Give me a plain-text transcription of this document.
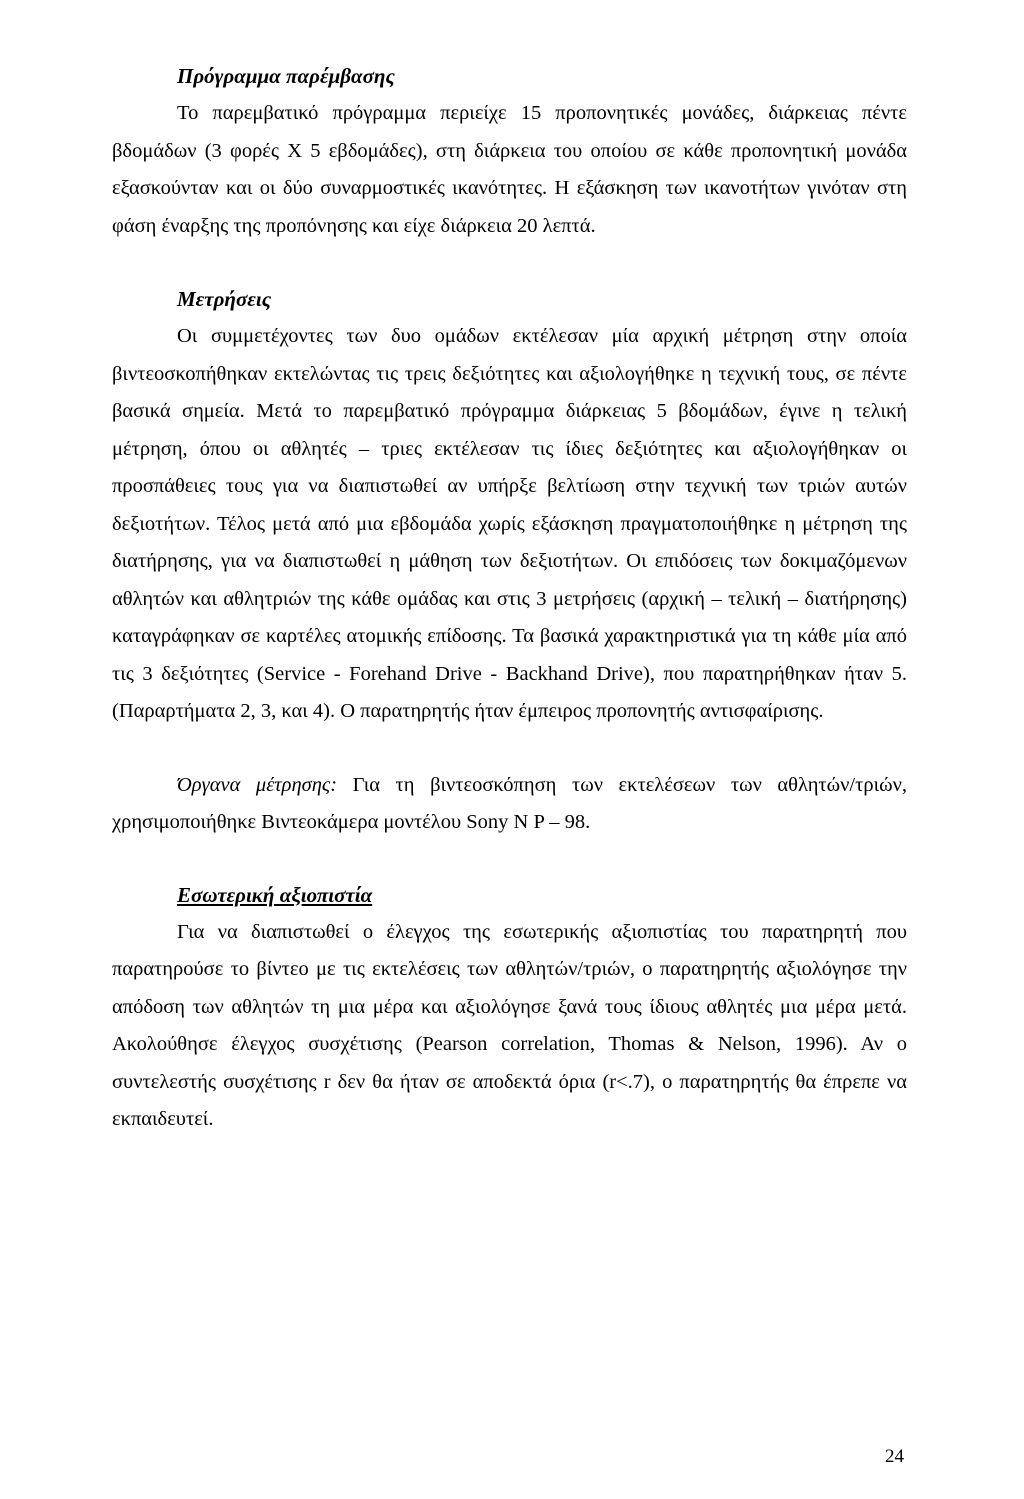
Πρόγραμμα παρέμβασης

Το παρεμβατικό πρόγραμμα περιείχε 15 προπονητικές μονάδες, διάρκειας πέντε βδομάδων (3 φορές Χ 5 εβδομάδες), στη διάρκεια του οποίου σε κάθε προπονητική μονάδα εξασκούνταν και οι δύο συναρμοστικές ικανότητες. Η εξάσκηση των ικανοτήτων γινόταν στη φάση έναρξης της προπόνησης και είχε διάρκεια 20 λεπτά.

Μετρήσεις

Οι συμμετέχοντες των δυο ομάδων εκτέλεσαν μία αρχική μέτρηση στην οποία βιντεοσκοπήθηκαν εκτελώντας τις τρεις δεξιότητες και αξιολογήθηκε η τεχνική τους, σε πέντε βασικά σημεία. Μετά το παρεμβατικό πρόγραμμα διάρκειας 5 βδομάδων, έγινε η τελική μέτρηση, όπου οι αθλητές – τριες εκτέλεσαν τις ίδιες δεξιότητες και αξιολογήθηκαν οι προσπάθειες τους για να διαπιστωθεί αν υπήρξε βελτίωση στην τεχνική των τριών αυτών δεξιοτήτων. Τέλος μετά από μια εβδομάδα χωρίς εξάσκηση πραγματοποιήθηκε η μέτρηση της διατήρησης, για να διαπιστωθεί η μάθηση των δεξιοτήτων. Οι επιδόσεις των δοκιμαζόμενων αθλητών και αθλητριών της κάθε ομάδας και στις 3 μετρήσεις (αρχική – τελική – διατήρησης) καταγράφηκαν σε καρτέλες ατομικής επίδοσης. Τα βασικά χαρακτηριστικά για τη κάθε μία από τις 3 δεξιότητες (Service - Forehand Drive - Backhand Drive), που παρατηρήθηκαν ήταν 5. (Παραρτήματα 2, 3, και 4). Ο παρατηρητής ήταν έμπειρος προπονητής αντισφαίρισης.

Όργανα μέτρησης: Για τη βιντεοσκόπηση των εκτελέσεων των αθλητών/τριών, χρησιμοποιήθηκε Βιντεοκάμερα μοντέλου Sony N P – 98.

Εσωτερική αξιοπιστία

Για να διαπιστωθεί ο έλεγχος της εσωτερικής αξιοπιστίας του παρατηρητή που παρατηρούσε το βίντεο με τις εκτελέσεις των αθλητών/τριών, ο παρατηρητής αξιολόγησε την απόδοση των αθλητών τη μια μέρα και αξιολόγησε ξανά τους ίδιους αθλητές μια μέρα μετά. Ακολούθησε έλεγχος συσχέτισης (Pearson correlation, Thomas & Nelson, 1996). Αν ο συντελεστής συσχέτισης r δεν θα ήταν σε αποδεκτά όρια (r<.7), ο παρατηρητής θα έπρεπε να εκπαιδευτεί.

24
